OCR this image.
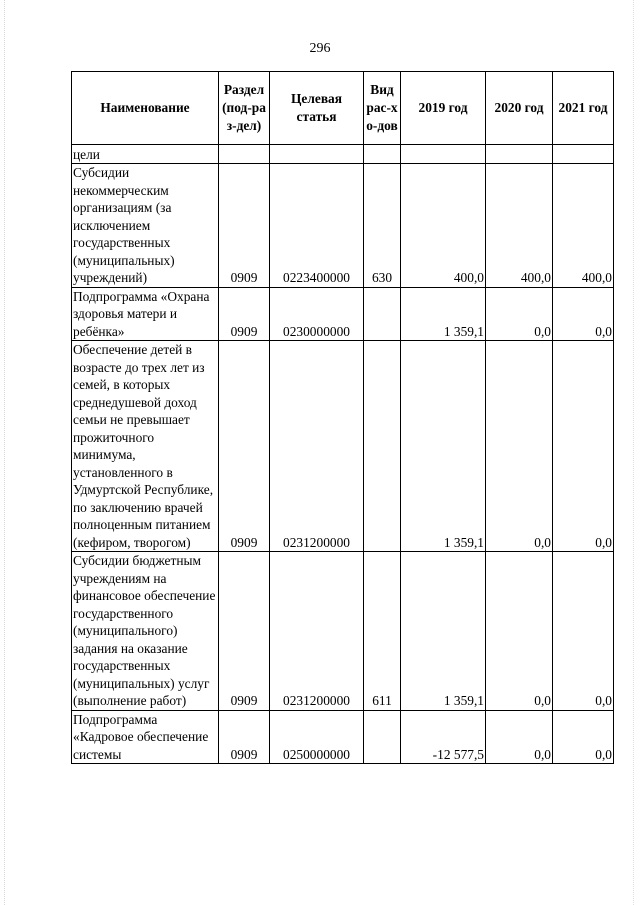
296
Наименование	Раздел (под-раз-дел)	Целевая статья	Вид рас-хо-дов	2019 год	2020 год	2021 год
цели						
Субсидии некоммерческим организациям (за исключением государственных (муниципальных) учреждений)	0909	0223400000	630	400,0	400,0	400,0
Подпрограмма «Охрана здоровья матери и ребёнка»	0909	0230000000		1 359,1	0,0	0,0
Обеспечение детей в возрасте до трех лет из семей, в которых среднедушевой доход семьи не превышает прожиточного минимума, установленного в Удмуртской Республике, по заключению врачей полноценным питанием (кефиром, творогом)	0909	0231200000		1 359,1	0,0	0,0
Субсидии бюджетным учреждениям на финансовое обеспечение государственного (муниципального) задания на оказание государственных (муниципальных) услуг (выполнение работ)	0909	0231200000	611	1 359,1	0,0	0,0
Подпрограмма «Кадровое обеспечение системы	0909	0250000000		-12 577,5	0,0	0,0
